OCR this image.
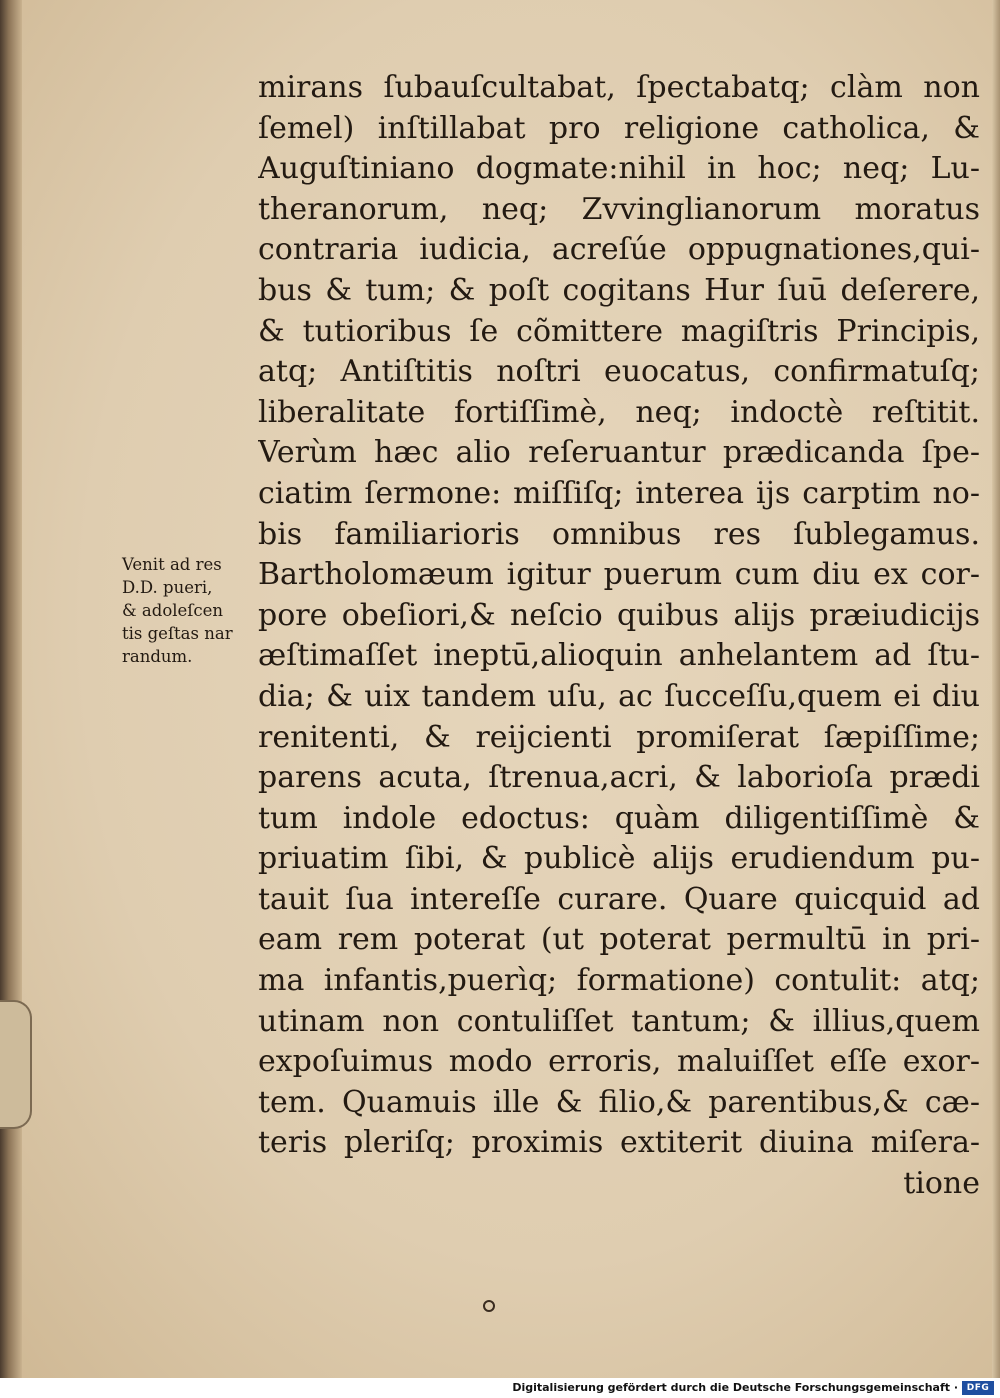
mirans ſubauſcultabat, ſpectabatq; clàm non
ſemel) inſtillabat pro religione catholica, &
Auguſtiniano dogmate:nihil in hoc; neq; Lu-
theranorum, neq; Zvvinglianorum moratus
contraria iudicia, acreſúe oppugnationes,qui-
bus & tum; & poſt cogitans Hur ſuū deſerere,
& tutioribus ſe cõmittere magiſtris Principis,
atq; Antiſtitis noſtri euocatus, confirmatuſq;
liberalitate fortiſſimè, neq; indoctè reſtitit.
Verùm hæc alio reſeruantur prædicanda ſpe-
ciatim ſermone: miſſiſq; interea ijs carptim no-
bis familiarioris omnibus res ſublegamus.
Bartholomæum igitur puerum cum diu ex cor-
pore obeſiori,& neſcio quibus alijs præiudicijs
æſtimaſſet ineptū,alioquin anhelantem ad ſtu-
dia; & uix tandem uſu, ac ſucceſſu,quem ei diu
renitenti, & reijcienti promiſerat ſæpiſſime;
parens acuta, ſtrenua,acri, & laborioſa prædi
tum indole edoctus: quàm diligentiſſimè &
priuatim ſibi, & publicè alijs erudiendum pu-
tauit ſua intereſſe curare. Quare quicquid ad
eam rem poterat (ut poterat permultū in pri-
ma infantis,puerìq; formatione) contulit: atq;
utinam non contuliſſet tantum; & illius,quem
expoſuimus modo erroris, maluiſſet eſſe exor-
tem. Quamuis ille & filio,& parentibus,& cæ-
teris pleriſq; proximis extiterit diuina miſera-
tione
Venit ad res
D.D. pueri,
& adoleſcen
tis geſtas nar
randum.
Digitalisierung gefördert durch die Deutsche Forschungsgemeinschaft · DFG
